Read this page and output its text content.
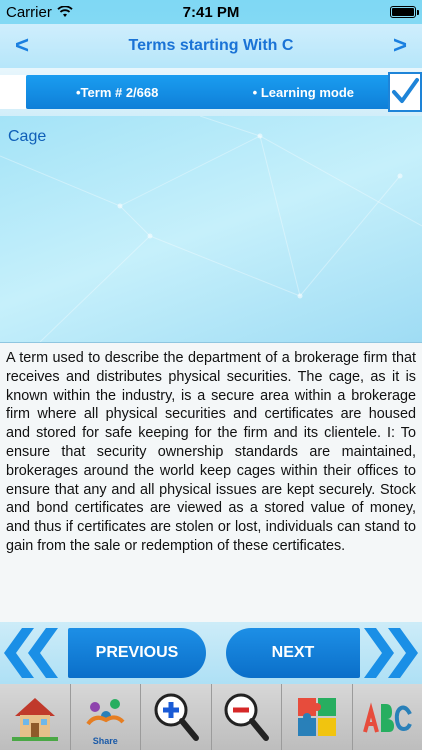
Carrier	7:41 PM
<	Terms starting With C	>
•Term # 2/668	• Learning mode
Cage
A term used to describe the department of a brokerage firm that receives and distributes physical securities. The cage, as it is known within the industry, is a secure area within a brokerage firm where all physical securities and certificates are housed and stored for safe keeping for the firm and its clientele. I: To ensure that security ownership standards are maintained, brokerages around the world keep cages within their offices to ensure that any and all physical issues are kept securely. Stock and bond certificates are viewed as a stored value of money, and thus if certificates are stolen or lost, individuals can stand to gain from the sale or redemption of these certificates.
PREVIOUS	NEXT
Share
